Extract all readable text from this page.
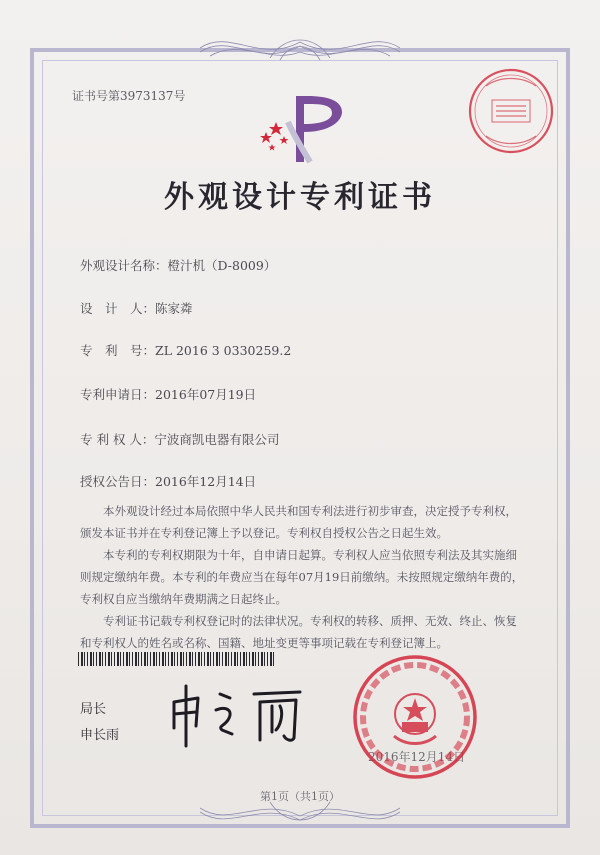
证书号第3973137号
外观设计专利证书
外观设计名称：橙汁机（D-8009）
设　计　人：陈家粦
专　利　号：ZL 2016 3 0330259.2
专利申请日：2016年07月19日
专 利 权 人：宁波商凯电器有限公司
授权公告日：2016年12月14日

本外观设计经过本局依照中华人民共和国专利法进行初步审查，决定授予专利权，颁发本证书并在专利登记簿上予以登记。专利权自授权公告之日起生效。

本专利的专利权期限为十年，自申请日起算。专利权人应当依照专利法及其实施细则规定缴纳年费。本专利的年费应当在每年07月19日前缴纳。未按照规定缴纳年费的，专利权自应当缴纳年费期满之日起终止。

专利证书记载专利权登记时的法律状况。专利权的转移、质押、无效、终止、恢复和专利权人的姓名或名称、国籍、地址变更等事项记载在专利登记簿上。

局长
申长雨
2016年12月14日
第1页（共1页）
